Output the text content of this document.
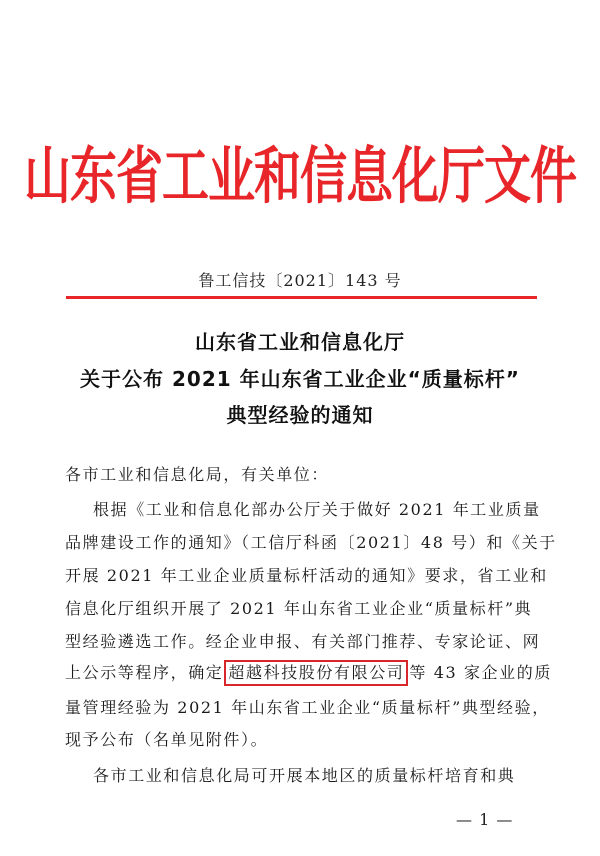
山东省工业和信息化厅文件
鲁工信技〔2021〕143 号
山东省工业和信息化厅
关于公布 2021 年山东省工业企业“质量标杆”
典型经验的通知
各市工业和信息化局，有关单位：
根据《工业和信息化部办公厅关于做好 2021 年工业质量
品牌建设工作的通知》（工信厅科函〔2021〕48 号）和《关于
开展 2021 年工业企业质量标杆活动的通知》要求，省工业和
信息化厅组织开展了 2021 年山东省工业企业“质量标杆”典
型经验遴选工作。经企业申报、有关部门推荐、专家论证、网
上公示等程序，确定 超越科技股份有限公司 等 43 家企业的质
量管理经验为 2021 年山东省工业企业“质量标杆”典型经验，
现予公布（名单见附件）。
各市工业和信息化局可开展本地区的质量标杆培育和典
— 1 —
